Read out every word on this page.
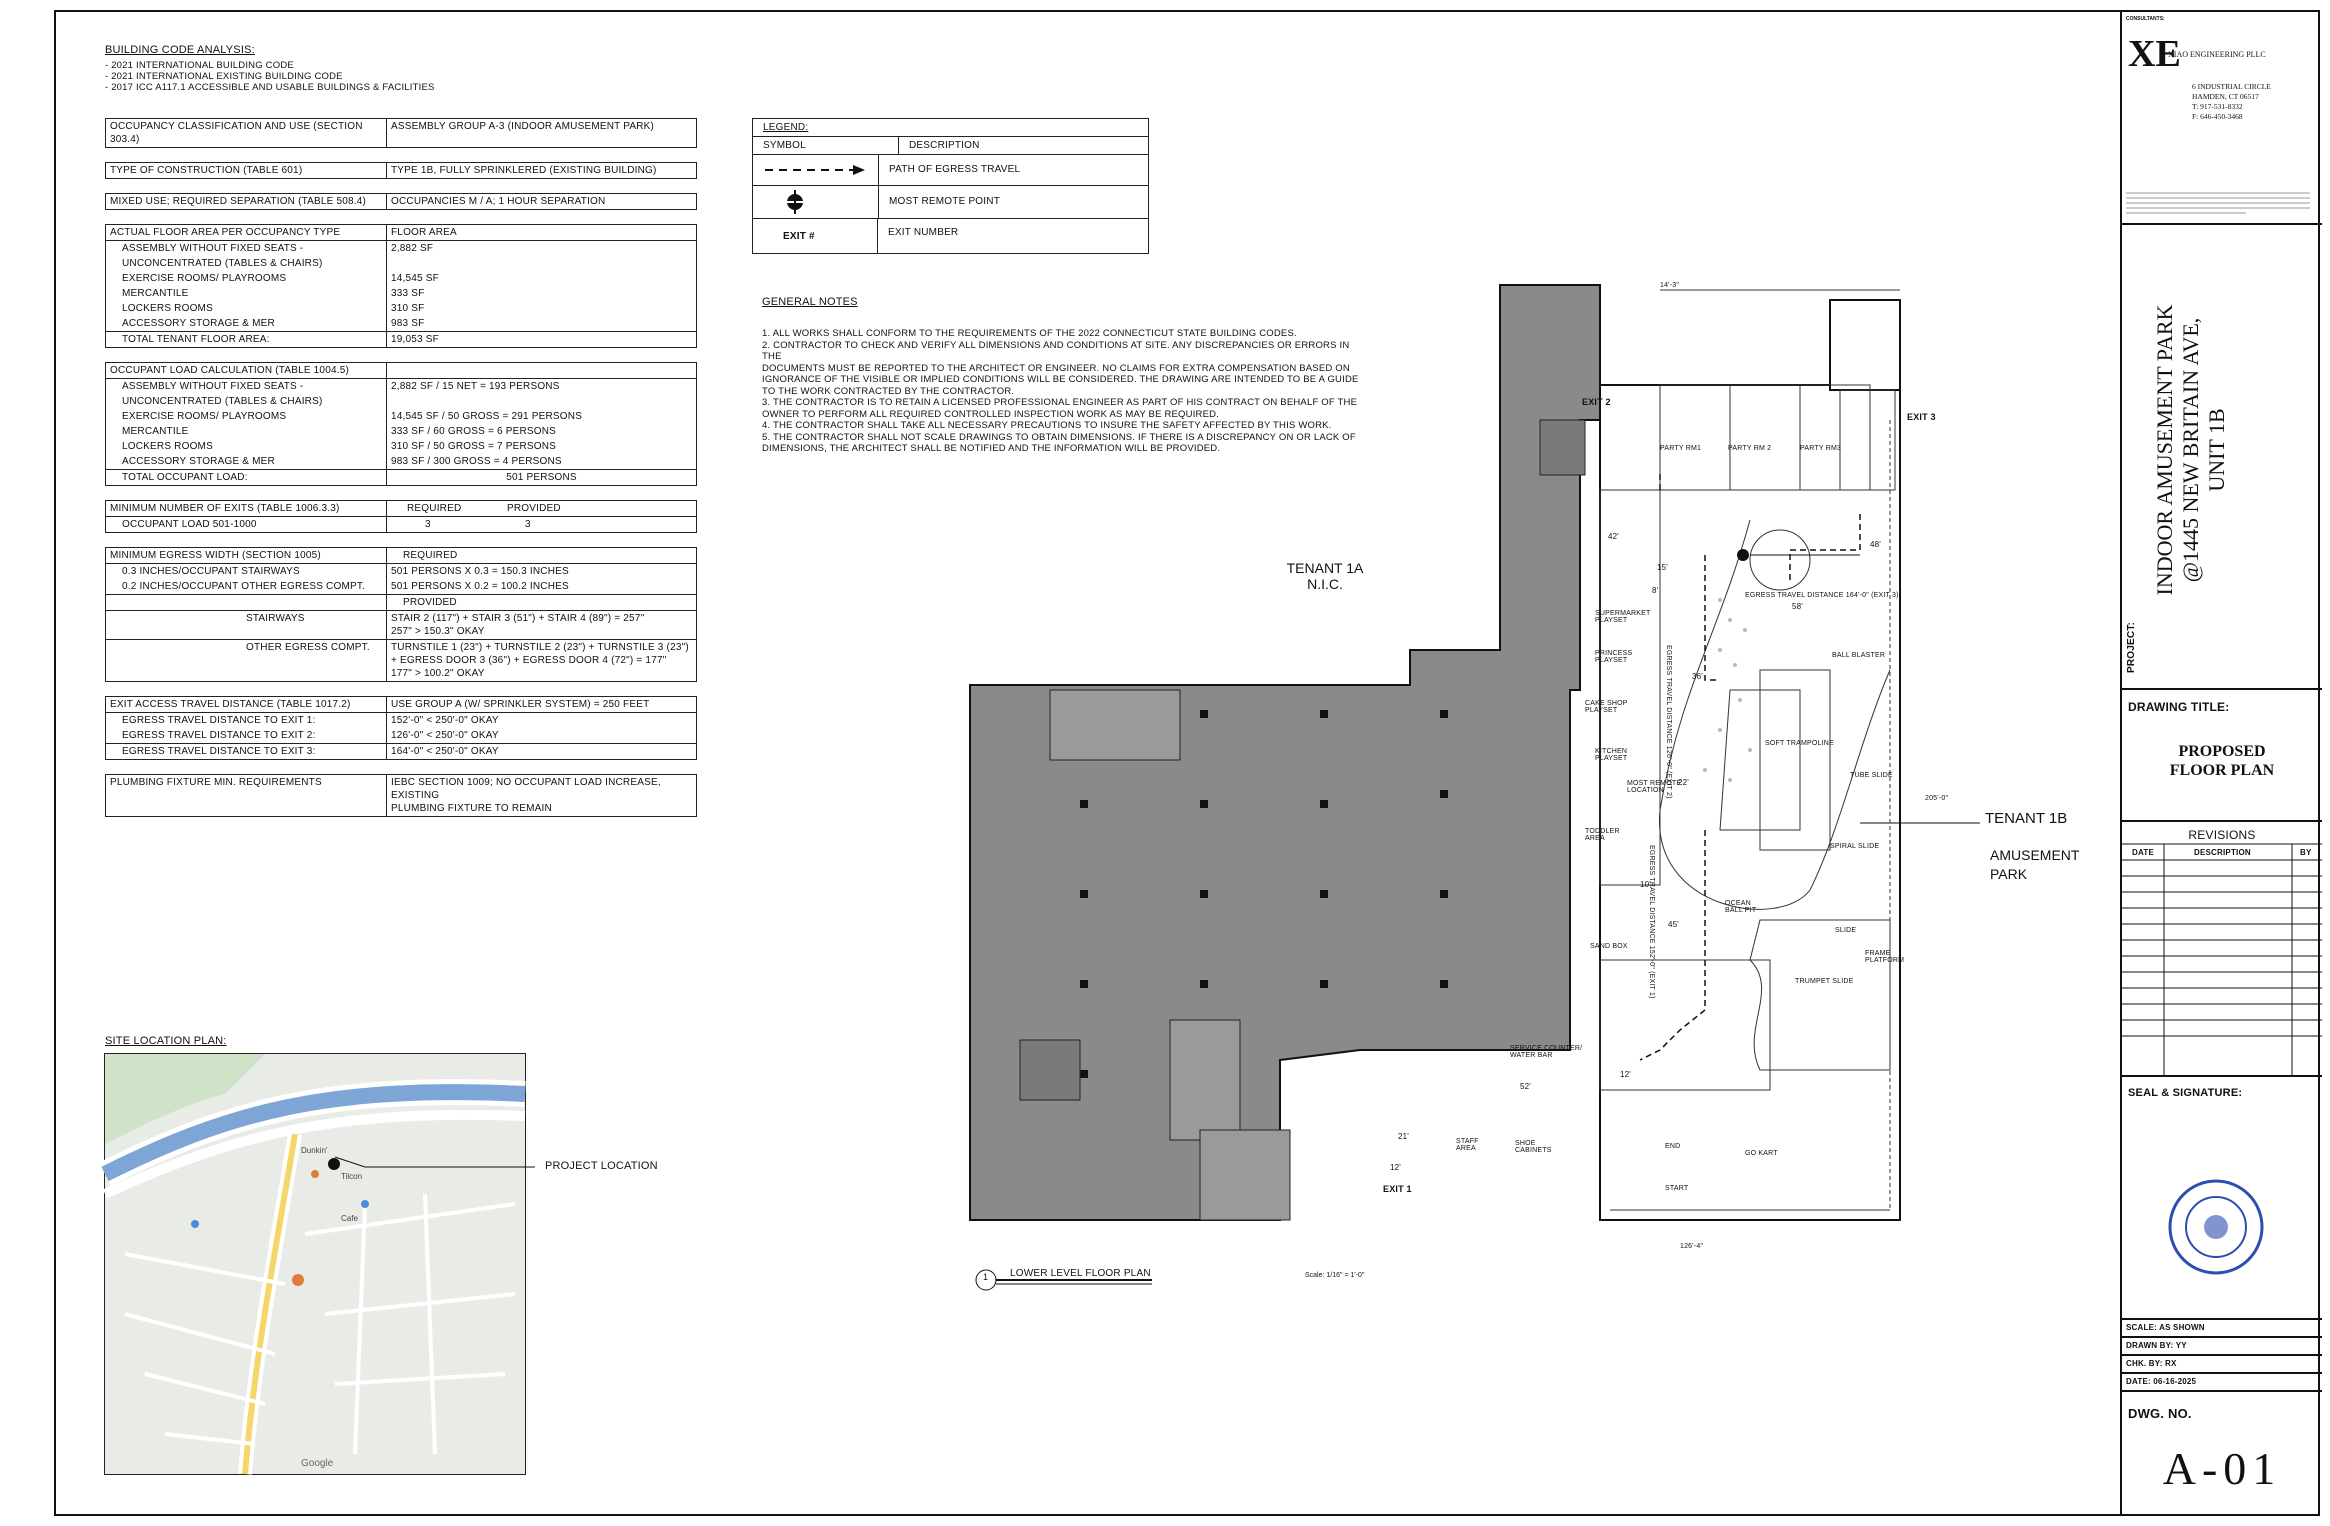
BUILDING CODE ANALYSIS:
- 2021 INTERNATIONAL BUILDING CODE
- 2021 INTERNATIONAL EXISTING BUILDING CODE
- 2017 ICC A117.1 ACCESSIBLE AND USABLE BUILDINGS & FACILITIES
OCCUPANCY CLASSIFICATION AND USE (SECTION 303.4)	ASSEMBLY GROUP A-3 (INDOOR AMUSEMENT PARK)

TYPE OF CONSTRUCTION (TABLE 601)	TYPE 1B, FULLY SPRINKLERED (EXISTING BUILDING)

MIXED USE; REQUIRED SEPARATION (TABLE 508.4)	OCCUPANCIES M / A; 1 HOUR SEPARATION

ACTUAL FLOOR AREA PER OCCUPANCY TYPE	FLOOR AREA
ASSEMBLY WITHOUT FIXED SEATS -	2,882 SF
UNCONCENTRATED (TABLES & CHAIRS)	
EXERCISE ROOMS/ PLAYROOMS	14,545 SF
MERCANTILE	333 SF
LOCKERS ROOMS	310 SF
ACCESSORY STORAGE & MER	983 SF
TOTAL TENANT FLOOR AREA:	19,053 SF

OCCUPANT LOAD CALCULATION (TABLE 1004.5)	
ASSEMBLY WITHOUT FIXED SEATS -	2,882 SF / 15 NET = 193 PERSONS
UNCONCENTRATED (TABLES & CHAIRS)	
EXERCISE ROOMS/ PLAYROOMS	14,545 SF / 50 GROSS = 291 PERSONS
MERCANTILE	333 SF / 60 GROSS = 6 PERSONS
LOCKERS ROOMS	310 SF / 50 GROSS = 7 PERSONS
ACCESSORY STORAGE & MER	983 SF / 300 GROSS = 4 PERSONS
TOTAL OCCUPANT LOAD:	501 PERSONS

MINIMUM NUMBER OF EXITS (TABLE 1006.3.3)	REQUIRED PROVIDED
OCCUPANT LOAD 501-1000	3 3

MINIMUM EGRESS WIDTH (SECTION 1005)	REQUIRED
0.3 INCHES/OCCUPANT STAIRWAYS	501 PERSONS X 0.3 = 150.3 INCHES
0.2 INCHES/OCCUPANT OTHER EGRESS COMPT.	501 PERSONS X 0.2 = 100.2 INCHES
	PROVIDED
STAIRWAYS	STAIR 2 (117") + STAIR 3 (51") + STAIR 4 (89") = 257"
257" > 150.3" OKAY

OTHER EGRESS COMPT.	TURNSTILE 1 (23") + TURNSTILE 2 (23") + TURNSTILE 3 (23")
+ EGRESS DOOR 3 (36") + EGRESS DOOR 4 (72") = 177"
177" > 100.2" OKAY

EXIT ACCESS TRAVEL DISTANCE (TABLE 1017.2)	USE GROUP A (W/ SPRINKLER SYSTEM) = 250 FEET
EGRESS TRAVEL DISTANCE TO EXIT 1:	152'-0" < 250'-0" OKAY
EGRESS TRAVEL DISTANCE TO EXIT 2:	126'-0" < 250'-0" OKAY
EGRESS TRAVEL DISTANCE TO EXIT 3:	164'-0" < 250'-0" OKAY

PLUMBING FIXTURE MIN. REQUIREMENTS	IEBC SECTION 1009; NO OCCUPANT LOAD INCREASE, EXISTING
PLUMBING FIXTURE TO REMAIN
LEGEND:
SYMBOL	DESCRIPTION
PATH OF EGRESS TRAVEL
MOST REMOTE POINT
EXIT #	EXIT NUMBER
GENERAL NOTES

1. ALL WORKS SHALL CONFORM TO THE REQUIREMENTS OF THE 2022 CONNECTICUT STATE BUILDING CODES.

2. CONTRACTOR TO CHECK AND VERIFY ALL DIMENSIONS AND CONDITIONS AT SITE. ANY DISCREPANCIES OR ERRORS IN THE

DOCUMENTS MUST BE REPORTED TO THE ARCHITECT OR ENGINEER. NO CLAIMS FOR EXTRA COMPENSATION BASED ON

IGNORANCE OF THE VISIBLE OR IMPLIED CONDITIONS WILL BE CONSIDERED. THE DRAWING ARE INTENDED TO BE A GUIDE

TO THE WORK CONTRACTED BY THE CONTRACTOR.

3. THE CONTRACTOR IS TO RETAIN A LICENSED PROFESSIONAL ENGINEER AS PART OF HIS CONTRACT ON BEHALF OF THE

OWNER TO PERFORM ALL REQUIRED CONTROLLED INSPECTION WORK AS MAY BE REQUIRED.

4. THE CONTRACTOR SHALL TAKE ALL NECESSARY PRECAUTIONS TO INSURE THE SAFETY AFFECTED BY THIS WORK.

5. THE CONTRACTOR SHALL NOT SCALE DRAWINGS TO OBTAIN DIMENSIONS. IF THERE IS A DISCREPANCY ON OR LACK OF

DIMENSIONS, THE ARCHITECT SHALL BE NOTIFIED AND THE INFORMATION WILL BE PROVIDED.

SITE LOCATION PLAN:
Dunkin'
Tilcon
Cafe
Google
PROJECT LOCATION
TENANT 1A
N.I.C.
TENANT 1B
AMUSEMENT
PARK
PARTY RM1	PARTY RM 2	PARTY RM3
SUPERMARKET PLAYSET
PRINCESS PLAYSET
CAKE SHOP PLAYSET
KITCHEN PLAYSET
TODDLER AREA
SAND BOX
BALL BLASTER
SOFT TRAMPOLINE
TUBE SLIDE
SPIRAL SLIDE
OCEAN BALL PIT
SLIDE
FRAME PLATFORM
TRUMPET SLIDE
GO KART
SERVICE COUNTER/ WATER BAR
STAFF AREA
SHOE CABINETS
MOST REMOTE LOCATION
END
START
EXIT 1
EXIT 2
EXIT 3
14'-3"
126'-4"
205'-0"
42'
48'
15'
8'
36'
22'
10'
45'
12'
52'
21'
12'
58'
EGRESS TRAVEL DISTANCE 164'-0" (EXIT 3)
EGRESS TRAVEL DISTANCE 126'-0" (EXIT 2)
EGRESS TRAVEL DISTANCE 152'-0" (EXIT 1)
1 LOWER LEVEL FLOOR PLAN	Scale: 1/16" = 1'-0"
CONSULTANTS:
XE
XIAO ENGINEERING PLLC
6 INDUSTRIAL CIRCLE
HAMDEN, CT 06517
T: 917-531-8332
F: 646-450-3468
PROJECT:
INDOOR AMUSEMENT PARK @1445 NEW BRITAIN AVE, UNIT 1B
DRAWING TITLE:
PROPOSED
FLOOR PLAN
REVISIONS
DATE	DESCRIPTION	BY
SEAL & SIGNATURE:
SCALE: AS SHOWN
DRAWN BY: YY
CHK. BY: RX
DATE: 06-16-2025
DWG. NO.
A-01
